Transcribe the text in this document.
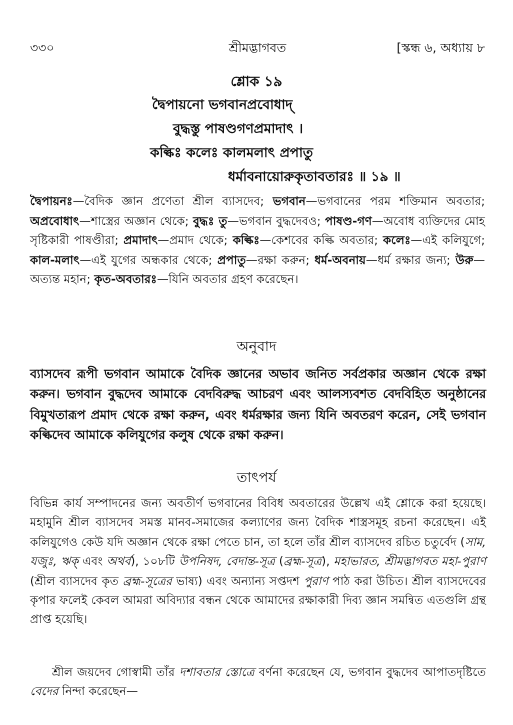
৩৩০	শ্রীমদ্ভাগবত	[স্কন্ধ ৬, অধ্যায় ৮
শ্লোক ১৯
দ্বৈপায়নো ভগবানপ্রবোধাদ্
বুদ্ধস্তু পাষণ্ডগণপ্রমাদাৎ ।
কল্কিঃ কলেঃ কালমলাৎ প্রপাতু
ধর্মাবনায়োরুকৃতাবতারঃ ॥ ১৯ ॥
দ্বৈপায়নঃ—বৈদিক জ্ঞান প্রণেতা শ্রীল ব্যাসদেব; ভগবান—ভগবানের পরম শক্তিমান অবতার; অপ্রবোধাৎ—শাস্ত্রের অজ্ঞান থেকে; বুদ্ধঃ তু—ভগবান বুদ্ধদেবও; পাষণ্ড-গণ—অবোধ ব্যক্তিদের মোহ সৃষ্টিকারী পাষণ্ডীরা; প্রমাদাৎ—প্রমাদ থেকে; কল্কিঃ—কেশবের কল্কি অবতার; কলেঃ—এই কলিযুগে; কাল-মলাৎ—এই যুগের অন্ধকার থেকে; প্রপাতু—রক্ষা করুন; ধর্ম-অবনায়—ধর্ম রক্ষার জন্য; উরু—অত্যন্ত মহান; কৃত-অবতারঃ—যিনি অবতার গ্রহণ করেছেন।
অনুবাদ
ব্যাসদেব রূপী ভগবান আমাকে বৈদিক জ্ঞানের অভাব জনিত সর্বপ্রকার অজ্ঞান থেকে রক্ষা করুন। ভগবান বুদ্ধদেব আমাকে বেদবিরুদ্ধ আচরণ এবং আলস্যবশত বেদবিহিত অনুষ্ঠানের বিমুখতারূপ প্রমাদ থেকে রক্ষা করুন, এবং ধর্মরক্ষার জন্য যিনি অবতরণ করেন, সেই ভগবান কল্কিদেব আমাকে কলিযুগের কলুষ থেকে রক্ষা করুন।
তাৎপর্য
বিভিন্ন কার্য সম্পাদনের জন্য অবতীর্ণ ভগবানের বিবিধ অবতারের উল্লেখ এই শ্লোকে করা হয়েছে। মহামুনি শ্রীল ব্যাসদেব সমস্ত মানব-সমাজের কল্যাণের জন্য বৈদিক শাস্ত্রসমূহ রচনা করেছেন। এই কলিযুগেও কেউ যদি অজ্ঞান থেকে রক্ষা পেতে চান, তা হলে তাঁর শ্রীল ব্যাসদেব রচিত চতুর্বেদ (সাম, যজুঃ, ঋক্ এবং অথর্ব), ১০৮টি উপনিষদ, বেদান্ত-সূত্র (ব্রহ্ম-সূত্র), মহাভারত, শ্রীমদ্ভাগবত মহা-পুরাণ (শ্রীল ব্যাসদেব কৃত ব্রহ্ম-সূত্রের ভাষ্য) এবং অন্যান্য সপ্তদশ পুরাণ পাঠ করা উচিত। শ্রীল ব্যাসদেবের কৃপার ফলেই কেবল আমরা অবিদ্যার বন্ধন থেকে আমাদের রক্ষাকারী দিব্য জ্ঞান সমন্বিত এতগুলি গ্রন্থ প্রাপ্ত হয়েছি।
শ্রীল জয়দেব গোস্বামী তাঁর দশাবতার স্তোত্রে বর্ণনা করেছেন যে, ভগবান বুদ্ধদেব আপাতদৃষ্টিতে বেদের নিন্দা করেছেন—
